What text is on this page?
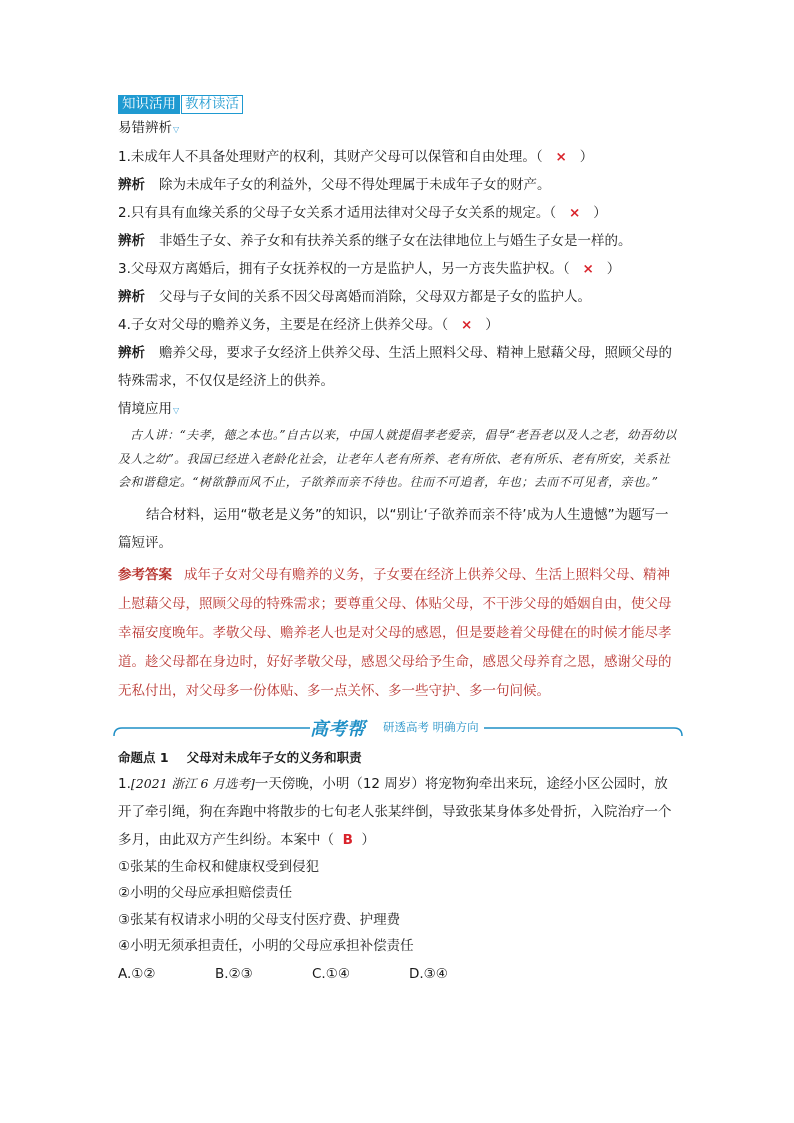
知识活用 教材读活
易错辨析▽
1.未成年人不具备处理财产的权利，其财产父母可以保管和自由处理。（ × ）
辨析 除为未成年子女的利益外，父母不得处理属于未成年子女的财产。
2.只有具有血缘关系的父母子女关系才适用法律对父母子女关系的规定。（ × ）
辨析 非婚生子女、养子女和有扶养关系的继子女在法律地位上与婚生子女是一样的。
3.父母双方离婚后，拥有子女抚养权的一方是监护人，另一方丧失监护权。（ × ）
辨析 父母与子女间的关系不因父母离婚而消除，父母双方都是子女的监护人。
4.子女对父母的赡养义务，主要是在经济上供养父母。（ × ）
辨析 赡养父母，要求子女经济上供养父母、生活上照料父母、精神上慰藉父母，照顾父母的特殊需求，不仅仅是经济上的供养。
情境应用▽
古人讲：“夫孝，德之本也。”自古以来，中国人就提倡孝老爱亲，倡导“老吾老以及人之老，幼吾幼以及人之幼”。我国已经进入老龄化社会，让老年人老有所养、老有所依、老有所乐、老有所安，关系社会和谐稳定。“树欲静而风不止，子欲养而亲不待也。往而不可追者，年也；去而不可见者，亲也。”
结合材料，运用“敬老是义务”的知识，以“别让‘子欲养而亲不待’成为人生遗憾”为题写一篇短评。
参考答案 成年子女对父母有赡养的义务，子女要在经济上供养父母、生活上照料父母、精神上慰藉父母，照顾父母的特殊需求；要尊重父母、体贴父母，不干涉父母的婚姻自由，使父母幸福安度晚年。孝敬父母、赡养老人也是对父母的感恩，但是要趁着父母健在的时候才能尽孝道。趁父母都在身边时，好好孝敬父母，感恩父母给予生命，感恩父母养育之恩，感谢父母的无私付出，对父母多一份体贴、多一点关怀、多一些守护、多一句问候。
高考帮	研透高考 明确方向
命题点 1 父母对未成年子女的义务和职责
1.[2021 浙江 6 月选考]一天傍晚，小明（12 周岁）将宠物狗牵出来玩，途经小区公园时，放开了牵引绳，狗在奔跑中将散步的七旬老人张某绊倒，导致张某身体多处骨折，入院治疗一个多月，由此双方产生纠纷。本案中（ B ）
①张某的生命权和健康权受到侵犯
②小明的父母应承担赔偿责任
③张某有权请求小明的父母支付医疗费、护理费
④小明无须承担责任，小明的父母应承担补偿责任
A.①②	B.②③	C.①④	D.③④
